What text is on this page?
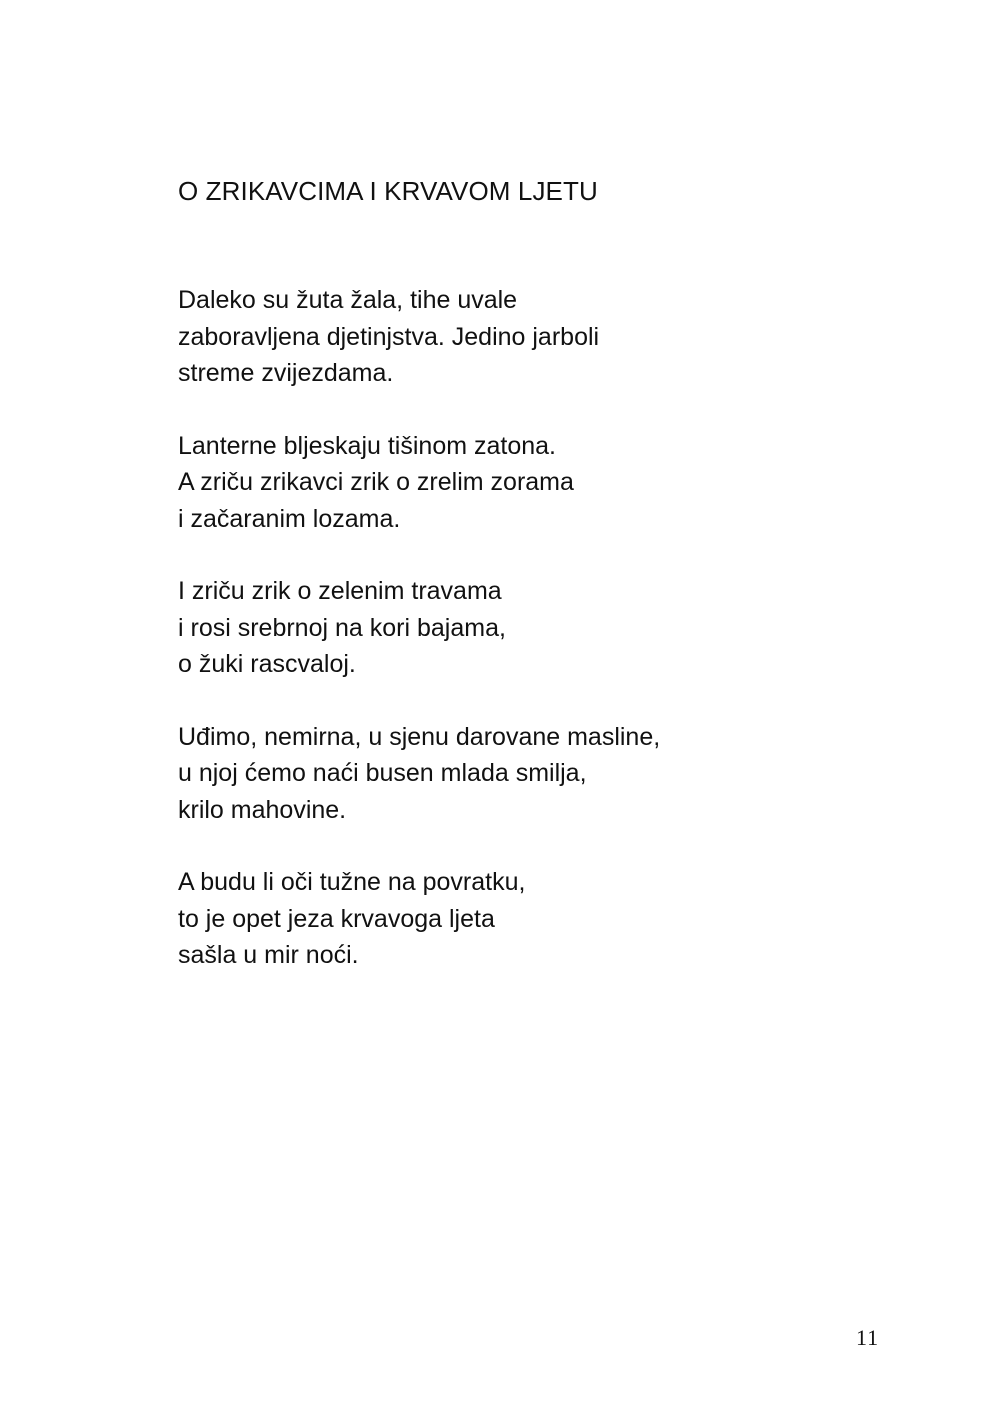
O ZRIKAVCIMA I KRVAVOM LJETU
Daleko su žuta žala, tihe uvale
zaboravljena djetinjstva. Jedino jarboli
streme zvijezdama.
Lanterne bljeskaju tišinom zatona.
A zriču zrikavci zrik o zrelim zorama
i začaranim lozama.
I zriču zrik o zelenim travama
i rosi srebrnoj na kori bajama,
o žuki rascvaloj.
Uđimo, nemirna, u sjenu darovane masline,
u njoj ćemo naći busen mlada smilja,
krilo mahovine.
A budu li oči tužne na povratku,
to je opet jeza krvavoga ljeta
sašla u mir noći.
11
